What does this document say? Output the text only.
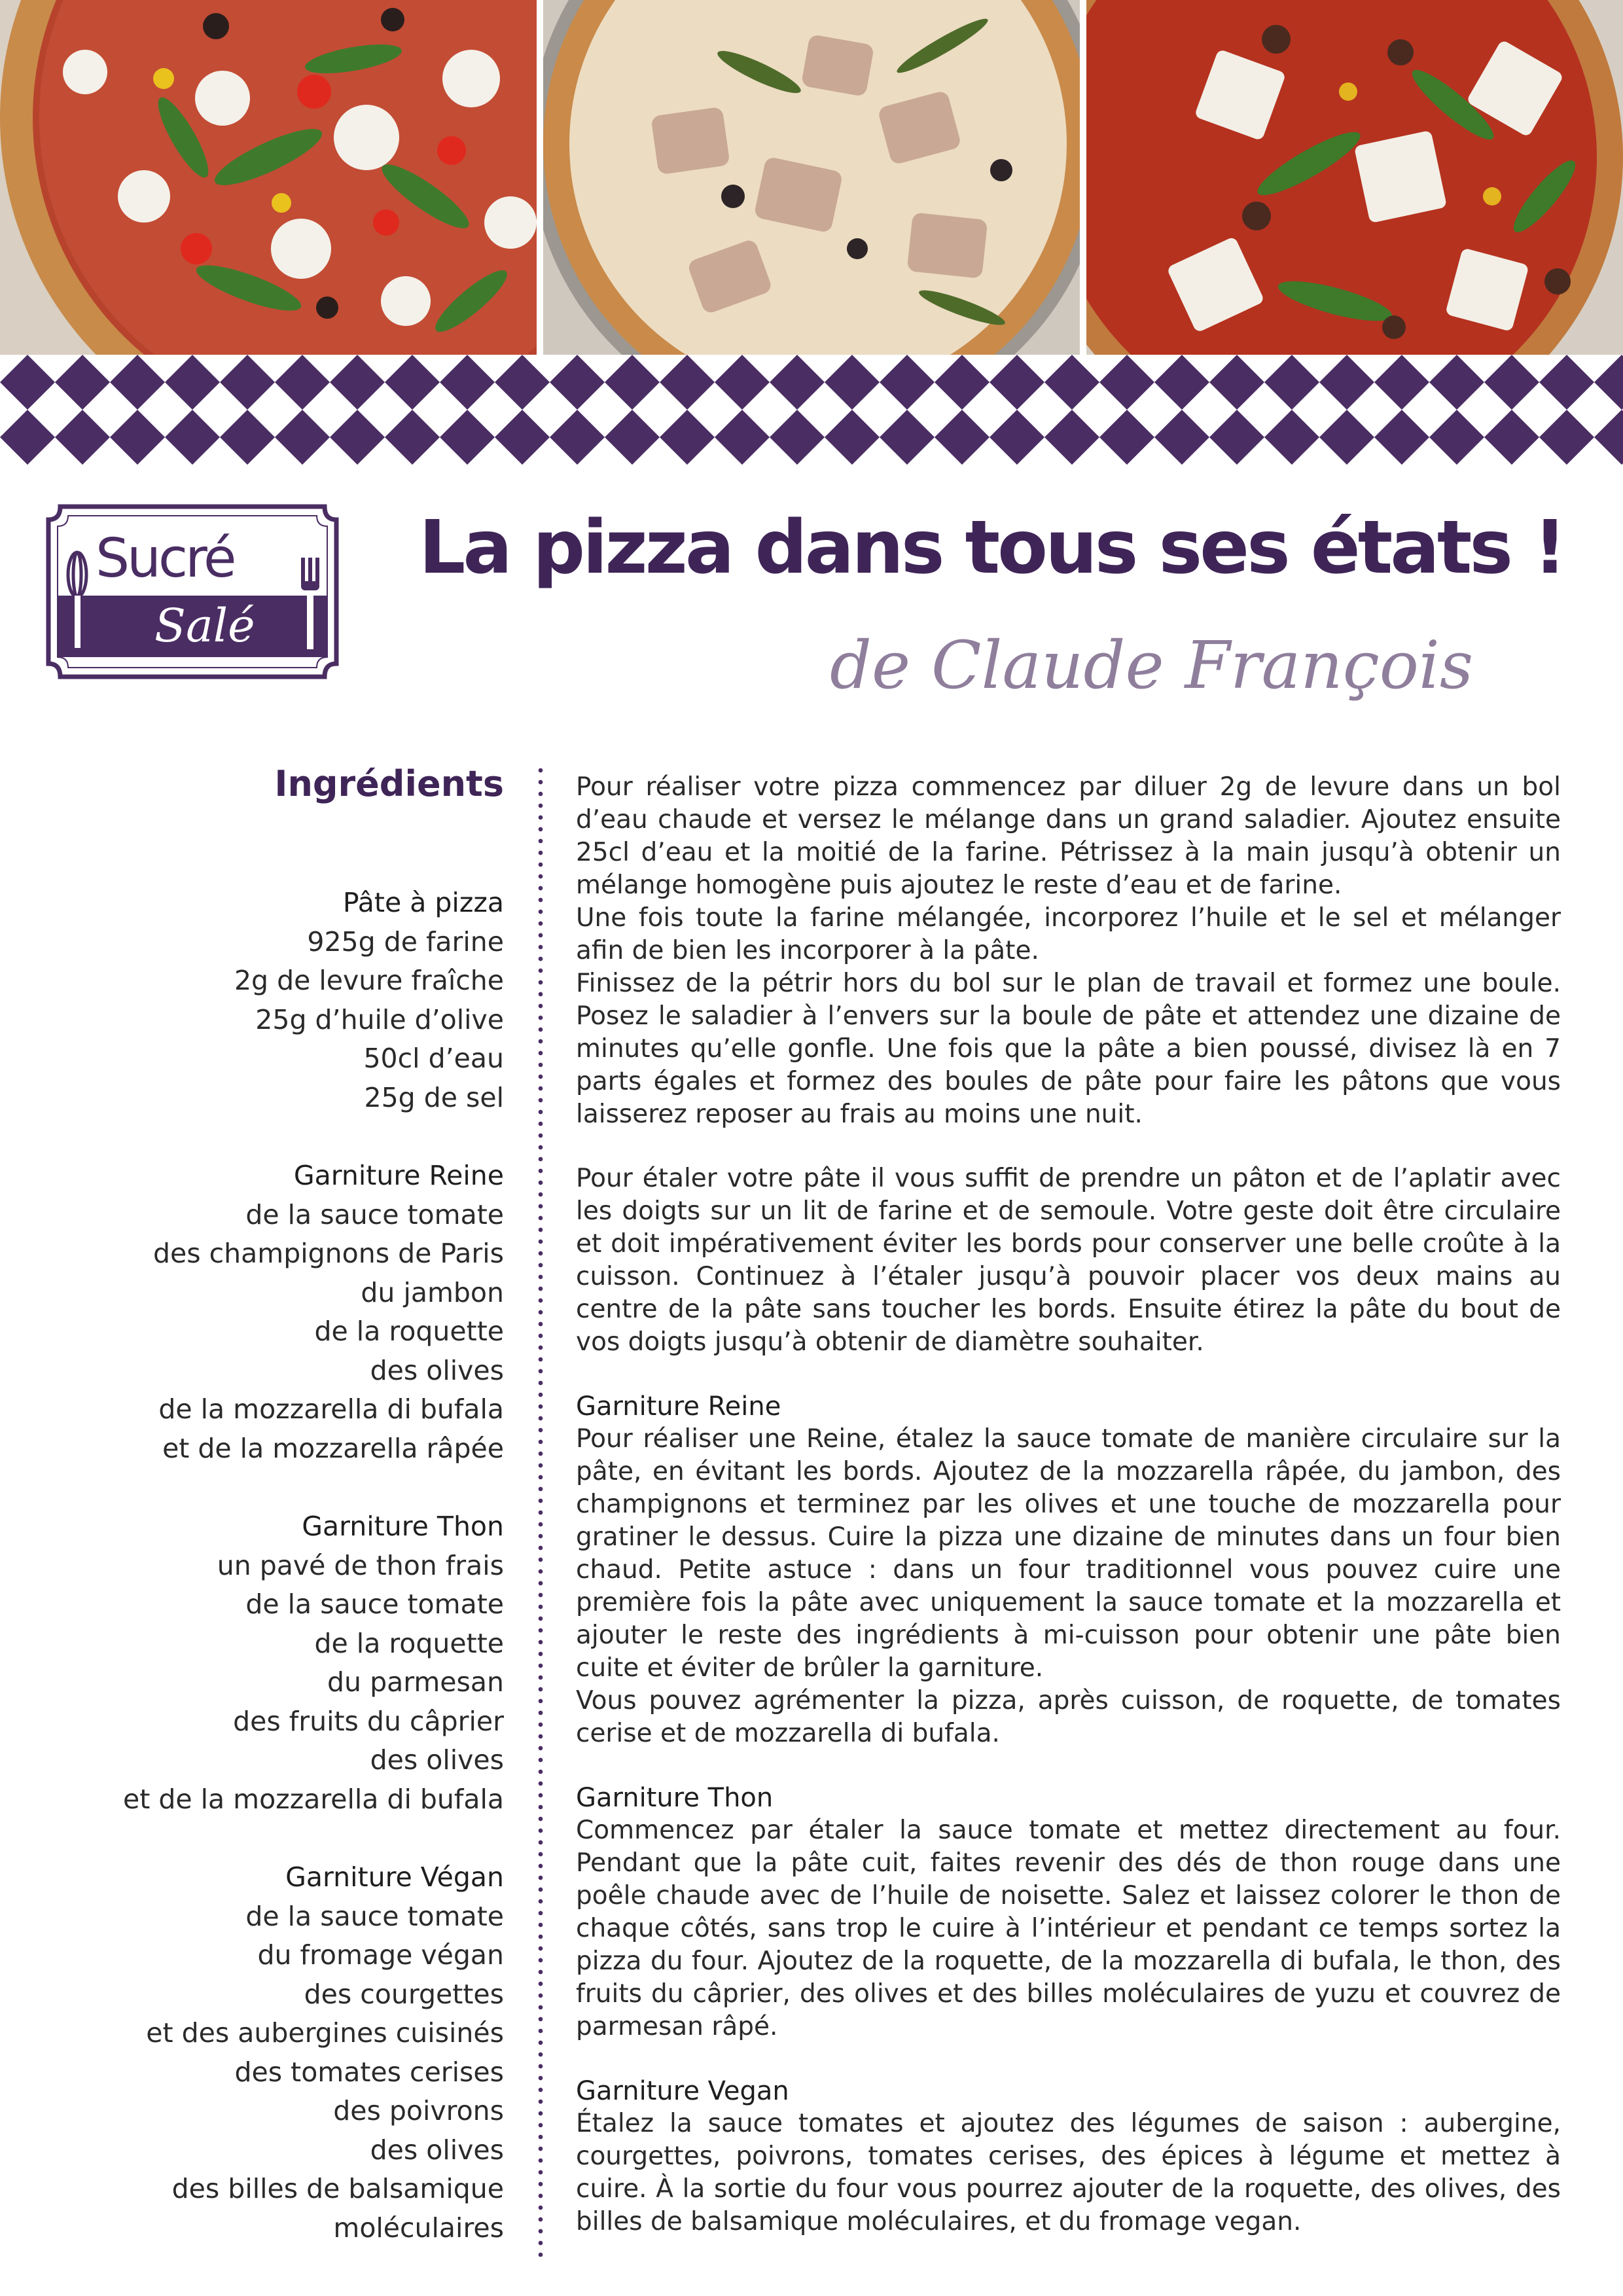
Sucré
Salé
La pizza dans tous ses états !

de Claude François

Ingrédients
Pâte à pizza
925g de farine
2g de levure fraîche
25g d’huile d’olive
50cl d’eau
25g de sel
Garniture Reine
de la sauce tomate
des champignons de Paris
du jambon
de la roquette
des olives
de la mozzarella di bufala
et de la mozzarella râpée
Garniture Thon
un pavé de thon frais
de la sauce tomate
de la roquette
du parmesan
des fruits du câprier
des olives
et de la mozzarella di bufala
Garniture Végan
de la sauce tomate
du fromage végan
des courgettes
et des aubergines cuisinés
des tomates cerises
des poivrons
des olives
des billes de balsamique
moléculaires

Pour réaliser votre pizza commencez par diluer 2g de levure dans un bol d’eau chaude et versez le mélange dans un grand saladier. Ajoutez ensuite 25cl d’eau et la moitié de la farine. Pétrissez à la main jusqu’à obtenir un mélange homogène puis ajoutez le reste d’eau et de farine.

Une fois toute la farine mélangée, incorporez l’huile et le sel et mélanger afin de bien les incorporer à la pâte.

Finissez de la pétrir hors du bol sur le plan de travail et formez une boule. Posez le saladier à l’envers sur la boule de pâte et attendez une dizaine de minutes qu’elle gonfle. Une fois que la pâte a bien poussé, divisez là en 7 parts égales et formez des boules de pâte pour faire les pâtons que vous laisserez reposer au frais au moins une nuit.

Pour étaler votre pâte il vous suffit de prendre un pâton et de l’aplatir avec les doigts sur un lit de farine et de semoule. Votre geste doit être circulaire et doit impérativement éviter les bords pour conserver une belle croûte à la cuisson. Continuez à l’étaler jusqu’à pouvoir placer vos deux mains au centre de la pâte sans toucher les bords. Ensuite étirez la pâte du bout de vos doigts jusqu’à obtenir de diamètre souhaiter.

Garniture Reine

Pour réaliser une Reine, étalez la sauce tomate de manière circulaire sur la pâte, en évitant les bords. Ajoutez de la mozzarella râpée, du jambon, des champignons et terminez par les olives et une touche de mozzarella pour gratiner le dessus. Cuire la pizza une dizaine de minutes dans un four bien chaud. Petite astuce : dans un four traditionnel vous pouvez cuire une première fois la pâte avec uniquement la sauce tomate et la mozzarella et ajouter le reste des ingrédients à mi-cuisson pour obtenir une pâte bien cuite et éviter de brûler la garniture.

Vous pouvez agrémenter la pizza, après cuisson, de roquette, de tomates cerise et de mozzarella di bufala.

Garniture Thon

Commencez par étaler la sauce tomate et mettez directement au four. Pendant que la pâte cuit, faites revenir des dés de thon rouge dans une poêle chaude avec de l’huile de noisette. Salez et laissez colorer le thon de chaque côtés, sans trop le cuire à l’intérieur et pendant ce temps sortez la pizza du four. Ajoutez de la roquette, de la mozzarella di bufala, le thon, des fruits du câprier, des olives et des billes moléculaires de yuzu et couvrez de parmesan râpé.

Garniture Vegan

Étalez la sauce tomates et ajoutez des légumes de saison : aubergine, courgettes, poivrons, tomates cerises, des épices à légume et mettez à cuire. À la sortie du four vous pourrez ajouter de la roquette, des olives, des billes de balsamique moléculaires, et du fromage vegan.
